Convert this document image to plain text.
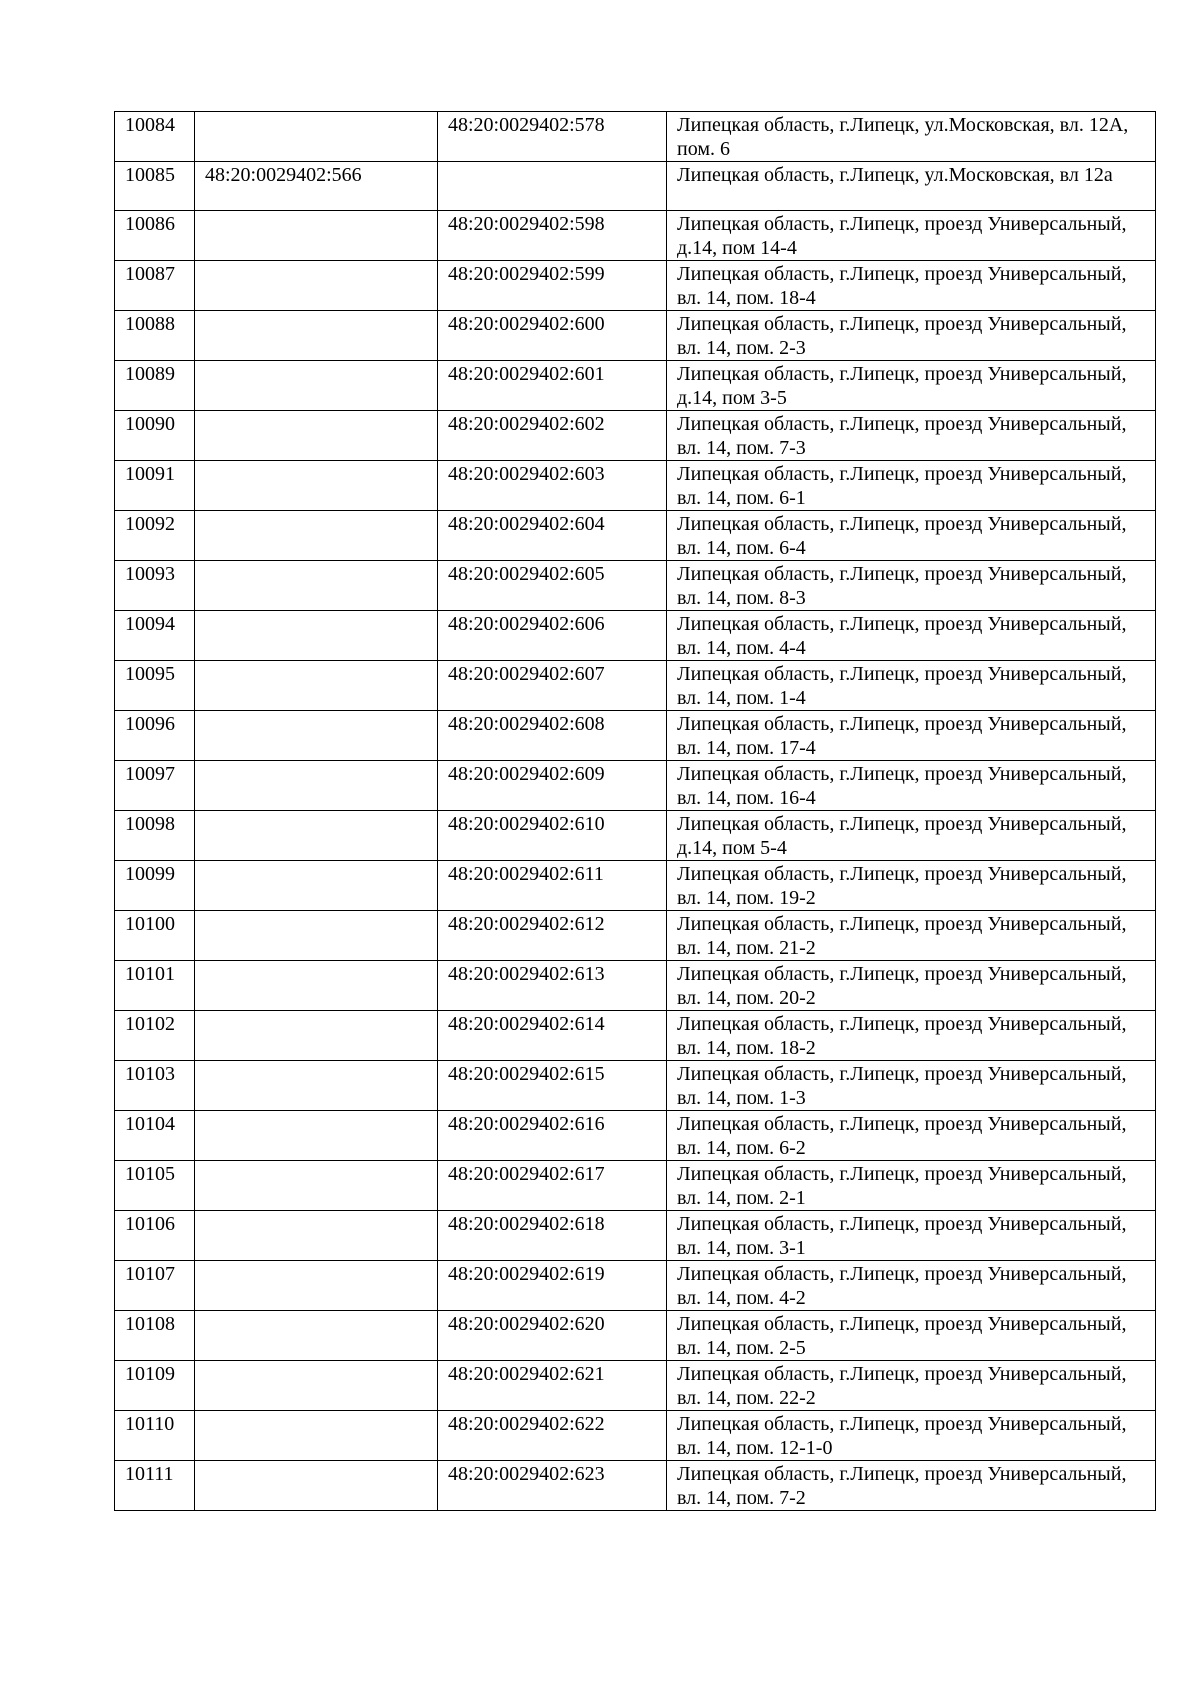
10084		48:20:0029402:578	Липецкая область, г.Липецк, ул.Московская, вл. 12А, пом. 6
10085	48:20:0029402:566		Липецкая область, г.Липецк, ул.Московская, вл 12а
10086		48:20:0029402:598	Липецкая область, г.Липецк, проезд Универсальный, д.14, пом 14-4
10087		48:20:0029402:599	Липецкая область, г.Липецк, проезд Универсальный, вл. 14, пом. 18-4
10088		48:20:0029402:600	Липецкая область, г.Липецк, проезд Универсальный, вл. 14, пом. 2-3
10089		48:20:0029402:601	Липецкая область, г.Липецк, проезд Универсальный, д.14, пом 3-5
10090		48:20:0029402:602	Липецкая область, г.Липецк, проезд Универсальный, вл. 14, пом. 7-3
10091		48:20:0029402:603	Липецкая область, г.Липецк, проезд Универсальный, вл. 14, пом. 6-1
10092		48:20:0029402:604	Липецкая область, г.Липецк, проезд Универсальный, вл. 14, пом. 6-4
10093		48:20:0029402:605	Липецкая область, г.Липецк, проезд Универсальный, вл. 14, пом. 8-3
10094		48:20:0029402:606	Липецкая область, г.Липецк, проезд Универсальный, вл. 14, пом. 4-4
10095		48:20:0029402:607	Липецкая область, г.Липецк, проезд Универсальный, вл. 14, пом. 1-4
10096		48:20:0029402:608	Липецкая область, г.Липецк, проезд Универсальный, вл. 14, пом. 17-4
10097		48:20:0029402:609	Липецкая область, г.Липецк, проезд Универсальный, вл. 14, пом. 16-4
10098		48:20:0029402:610	Липецкая область, г.Липецк, проезд Универсальный, д.14, пом 5-4
10099		48:20:0029402:611	Липецкая область, г.Липецк, проезд Универсальный, вл. 14, пом. 19-2
10100		48:20:0029402:612	Липецкая область, г.Липецк, проезд Универсальный, вл. 14, пом. 21-2
10101		48:20:0029402:613	Липецкая область, г.Липецк, проезд Универсальный, вл. 14, пом. 20-2
10102		48:20:0029402:614	Липецкая область, г.Липецк, проезд Универсальный, вл. 14, пом. 18-2
10103		48:20:0029402:615	Липецкая область, г.Липецк, проезд Универсальный, вл. 14, пом. 1-3
10104		48:20:0029402:616	Липецкая область, г.Липецк, проезд Универсальный, вл. 14, пом. 6-2
10105		48:20:0029402:617	Липецкая область, г.Липецк, проезд Универсальный, вл. 14, пом. 2-1
10106		48:20:0029402:618	Липецкая область, г.Липецк, проезд Универсальный, вл. 14, пом. 3-1
10107		48:20:0029402:619	Липецкая область, г.Липецк, проезд Универсальный, вл. 14, пом. 4-2
10108		48:20:0029402:620	Липецкая область, г.Липецк, проезд Универсальный, вл. 14, пом. 2-5
10109		48:20:0029402:621	Липецкая область, г.Липецк, проезд Универсальный, вл. 14, пом. 22-2
10110		48:20:0029402:622	Липецкая область, г.Липецк, проезд Универсальный, вл. 14, пом. 12-1-0
10111		48:20:0029402:623	Липецкая область, г.Липецк, проезд Универсальный, вл. 14, пом. 7-2
